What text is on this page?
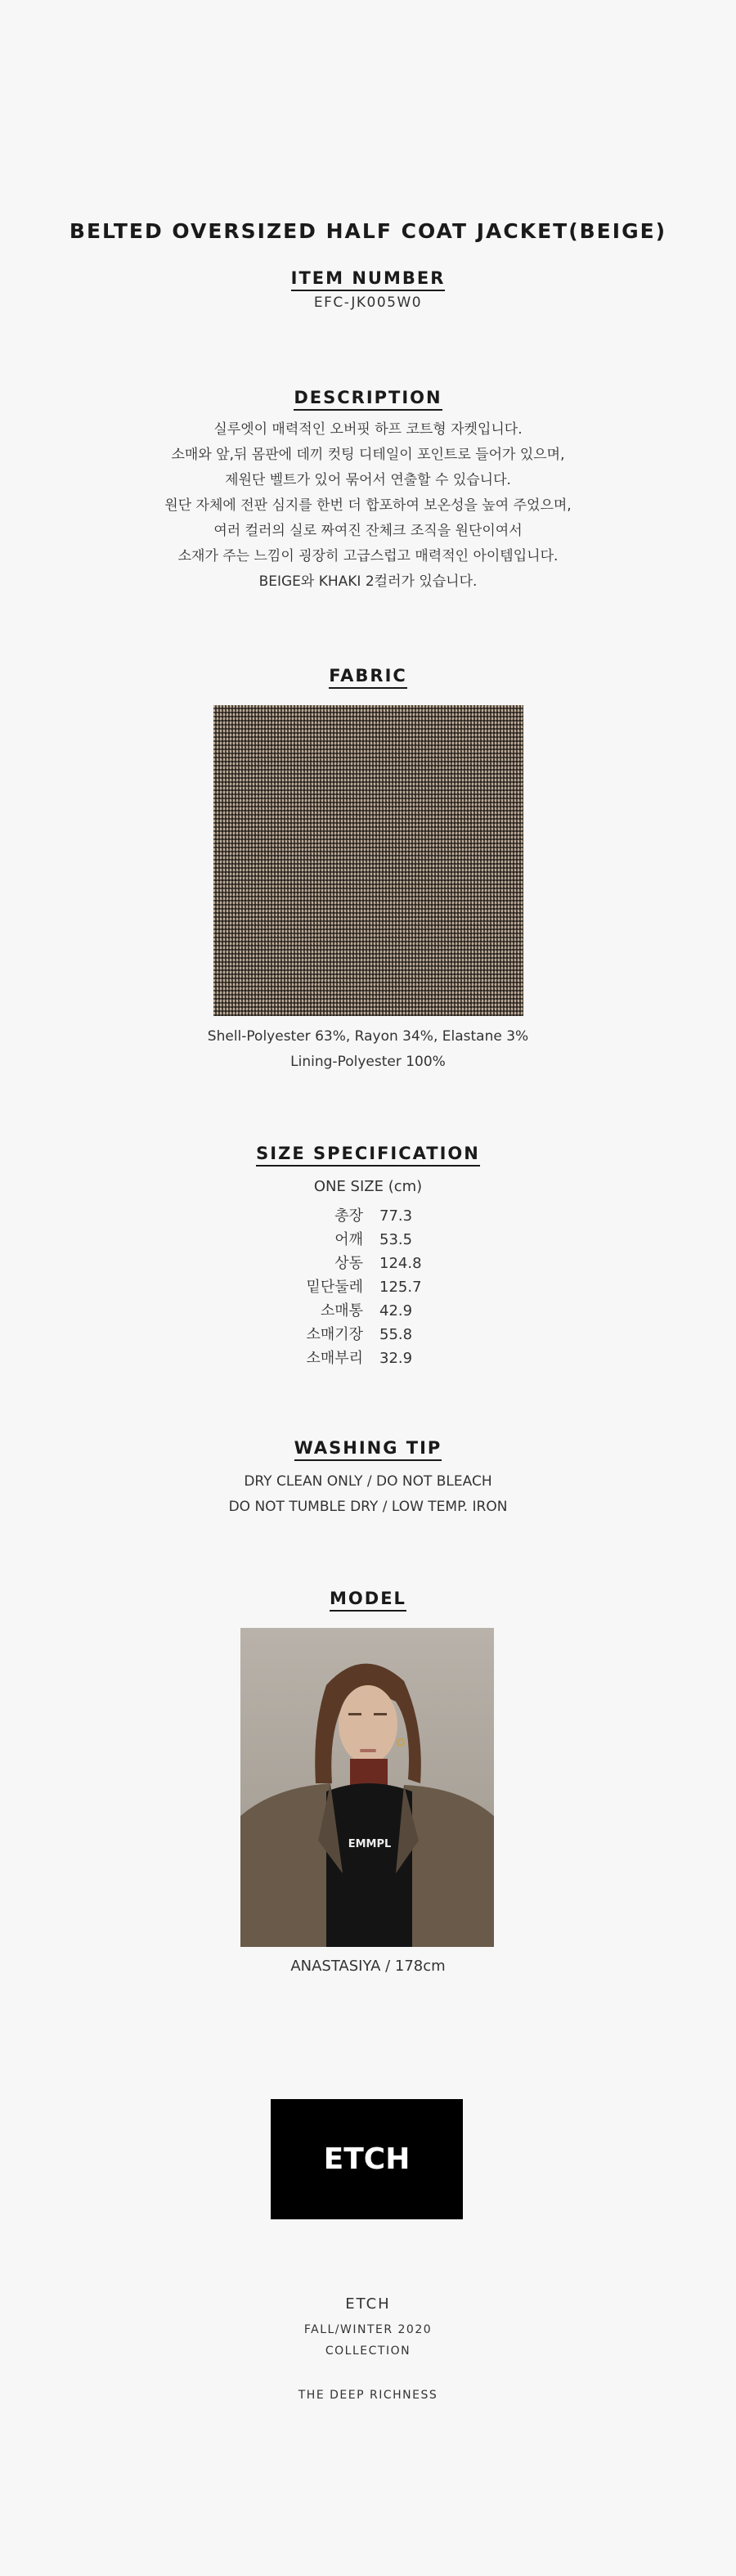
BELTED OVERSIZED HALF COAT JACKET(BEIGE)
ITEM NUMBER
EFC-JK005W0
DESCRIPTION
실루엣이 매력적인 오버핏 하프 코트형 자켓입니다.
소매와 앞,뒤 몸판에 데끼 컷팅 디테일이 포인트로 들어가 있으며,
제원단 벨트가 있어 묶어서 연출할 수 있습니다.
원단 자체에 전판 심지를 한번 더 합포하여 보온성을 높여 주었으며,
여러 컬러의 실로 짜여진 잔체크 조직을 원단이여서
소재가 주는 느낌이 굉장히 고급스럽고 매력적인 아이템입니다.
BEIGE와 KHAKI 2컬러가 있습니다.
FABRIC
Shell-Polyester 63%, Rayon 34%, Elastane 3%
Lining-Polyester 100%
SIZE SPECIFICATION
ONE SIZE (cm)
총장	77.3
어깨	53.5
상동	124.8
밑단둘레	125.7
소매통	42.9
소매기장	55.8
소매부리	32.9
WASHING TIP
DRY CLEAN ONLY / DO NOT BLEACH
DO NOT TUMBLE DRY / LOW TEMP. IRON
MODEL
EMMPL
ANASTASIYA / 178cm
ETCH
ETCH
FALL/WINTER 2020
COLLECTION
THE DEEP RICHNESS
